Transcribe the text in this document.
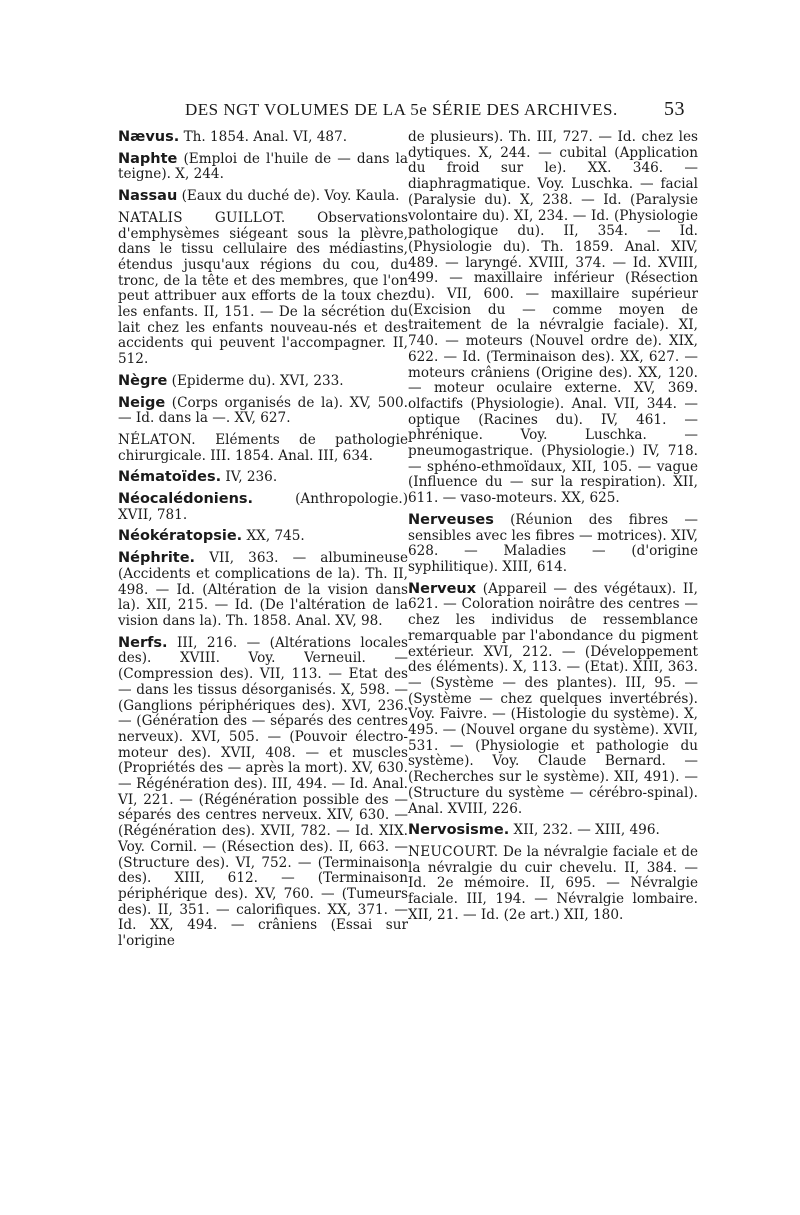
DES NGT VOLUMES DE LA 5e SÉRIE DES ARCHIVES. 53

Nævus. Th. 1854. Anal. VI, 487.

Naphte (Emploi de l'huile de — dans la teigne). X, 244.

Nassau (Eaux du duché de). Voy. Kaula.

NATALIS GUILLOT. Observations d'emphysèmes siégeant sous la plèvre, dans le tissu cellulaire des médiastins, étendus jusqu'aux régions du cou, du tronc, de la tête et des membres, que l'on peut attribuer aux efforts de la toux chez les enfants. II, 151. — De la sécrétion du lait chez les enfants nouveau-nés et des accidents qui peuvent l'accompagner. II, 512.

Nègre (Epiderme du). XVI, 233.

Neige (Corps organisés de la). XV, 500. — Id. dans la —. XV, 627.

NÉLATON. Eléments de pathologie chirurgicale. III. 1854. Anal. III, 634.

Nématoïdes. IV, 236.

Néocalédoniens. (Anthropologie.) XVII, 781.

Néokératopsie. XX, 745.

Néphrite. VII, 363. — albumineuse (Accidents et complications de la). Th. II, 498. — Id. (Altération de la vision dans la). XII, 215. — Id. (De l'altération de la vision dans la). Th. 1858. Anal. XV, 98.

Nerfs. III, 216. — (Altérations locales des). XVIII. Voy. Verneuil. — (Compression des). VII, 113. — Etat des — dans les tissus désorganisés. X, 598. — (Ganglions périphériques des). XVI, 236. — (Génération des — séparés des centres nerveux). XVI, 505. — (Pouvoir électro-moteur des). XVII, 408. — et muscles (Propriétés des — après la mort). XV, 630. — Régénération des). III, 494. — Id. Anal. VI, 221. — (Régénération possible des — séparés des centres nerveux. XIV, 630. — (Régénération des). XVII, 782. — Id. XIX. Voy. Cornil. — (Résection des). II, 663. — (Structure des). VI, 752. — (Terminaison des). XIII, 612. — (Terminaison périphérique des). XV, 760. — (Tumeurs des). II, 351. — calorifiques. XX, 371. — Id. XX, 494. — crâniens (Essai sur l'origine

de plusieurs). Th. III, 727. — Id. chez les dytiques. X, 244. — cubital (Application du froid sur le). XX. 346. — diaphragmatique. Voy. Luschka. — facial (Paralysie du). X, 238. — Id. (Paralysie volontaire du). XI, 234. — Id. (Physiologie pathologique du). II, 354. — Id. (Physiologie du). Th. 1859. Anal. XIV, 489. — laryngé. XVIII, 374. — Id. XVIII, 499. — maxillaire inférieur (Résection du). VII, 600. — maxillaire supérieur (Excision du — comme moyen de traitement de la névralgie faciale). XI, 740. — moteurs (Nouvel ordre de). XIX, 622. — Id. (Terminaison des). XX, 627. — moteurs crâniens (Origine des). XX, 120. — moteur oculaire externe. XV, 369. olfactifs (Physiologie). Anal. VII, 344. — optique (Racines du). IV, 461. — phrénique. Voy. Luschka. — pneumogastrique. (Physiologie.) IV, 718. — sphéno-ethmoïdaux, XII, 105. — vague (Influence du — sur la respiration). XII, 611. — vaso-moteurs. XX, 625.

Nerveuses (Réunion des fibres — sensibles avec les fibres — motrices). XIV, 628. — Maladies — (d'origine syphilitique). XIII, 614.

Nerveux (Appareil — des végétaux). II, 621. — Coloration noirâtre des centres — chez les individus de ressemblance remarquable par l'abondance du pigment extérieur. XVI, 212. — (Développement des éléments). X, 113. — (Etat). XIII, 363. — (Système — des plantes). III, 95. — (Système — chez quelques invertébrés). Voy. Faivre. — (Histologie du système). X, 495. — (Nouvel organe du système). XVII, 531. — (Physiologie et pathologie du système). Voy. Claude Bernard. — (Recherches sur le système). XII, 491). — (Structure du système — cérébro-spinal). Anal. XVIII, 226.

Nervosisme. XII, 232. — XIII, 496.

NEUCOURT. De la névralgie faciale et de la névralgie du cuir chevelu. II, 384. — Id. 2e mémoire. II, 695. — Névralgie faciale. III, 194. — Névralgie lombaire. XII, 21. — Id. (2e art.) XII, 180.
